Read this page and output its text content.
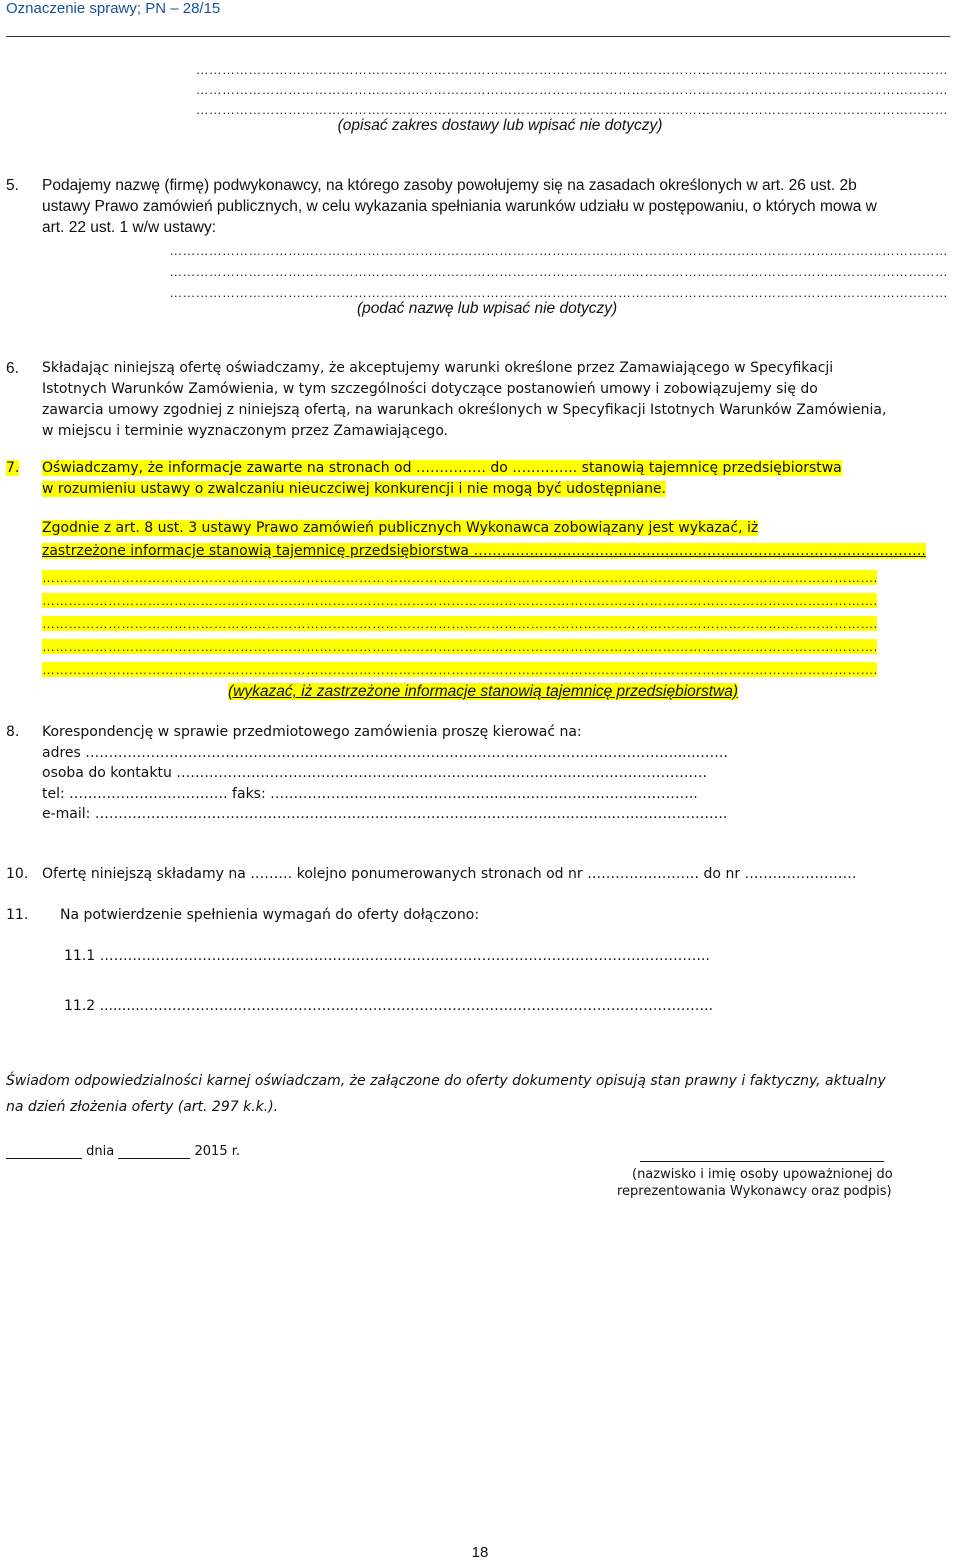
Oznaczenie sprawy; PN – 28/15
………………………………………………………………………………………………………………………………………………………
………………………………………………………………………………………………………………………………………………………
………………………………………………………………………………………………………………………………………………………
(opisać zakres dostawy lub wpisać nie dotyczy)
5. Podajemy nazwę (firmę) podwykonawcy, na którego zasoby powołujemy się na zasadach określonych w art. 26 ust. 2b
ustawy Prawo zamówień publicznych, w celu wykazania spełniania warunków udziału w postępowaniu, o których mowa w
art. 22 ust. 1 w/w ustawy:
……………………………………………………………………………………………………………………………………………………………
……………………………………………………………………………………………………………………………………………………………
……………………………………………………………………………………………………………………………………………………………
(podać nazwę lub wpisać nie dotyczy)
6. Składając niniejszą ofertę oświadczamy, że akceptujemy warunki określone przez Zamawiającego w Specyfikacji
Istotnych Warunków Zamówienia, w tym szczególności dotyczące postanowień umowy i zobowiązujemy się do
zawarcia umowy zgodniej z niniejszą ofertą, na warunkach określonych w Specyfikacji Istotnych Warunków Zamówienia,
w miejscu i terminie wyznaczonym przez Zamawiającego.
7. Oświadczamy, że informacje zawarte na stronach od …………… do ………….. stanowią tajemnicę przedsiębiorstwa
w rozumieniu ustawy o zwalczaniu nieuczciwej konkurencji i nie mogą być udostępniane.
Zgodnie z art. 8 ust. 3 ustawy Prawo zamówień publicznych Wykonawca zobowiązany jest wykazać, iż
zastrzeżone informacje stanowią tajemnicę przedsiębiorstwa …………………………………………………………………………………….
……………………………………………………………………………………………………………………………………………………………………….
……………………………………………………………………………………………………………………………………………………………………….
……………………………………………………………………………………………………………………………………………………………………….
……………………………………………………………………………………………………………………………………………………………………….
……………………………………………………………………………………………………………………………………………………………………….
(wykazać, iż zastrzeżone informacje stanowią tajemnicę przedsiębiorstwa)
8. Korespondencję w sprawie przedmiotowego zamówienia proszę kierować na:
adres ……………………………………………………………………………………………………………….....…….
osoba do kontaktu ………………………………………….………………....…………………………………….
tel: ……………………………. faks: …………………………………………...….……..………………………..
e-mail: ……………………………………………………………………………………..….….…...….………………..
10. Ofertę niniejszą składamy na ……… kolejno ponumerowanych stronach od nr …………………… do nr ……………………
11. Na potwierdzenie spełnienia wymagań do oferty dołączono:
11.1 …………………………..……………….……………………………………………………………………..
11.2 ..........…………………………………………………………………………………………………………..
Świadom odpowiedzialności karnej oświadczam, że załączone do oferty dokumenty opisują stan prawny i faktyczny, aktualny
na dzień złożenia oferty (art. 297 k.k.).
dnia	2015 r.
(nazwisko i imię osoby upoważnionej do
reprezentowania Wykonawcy oraz podpis)
18
